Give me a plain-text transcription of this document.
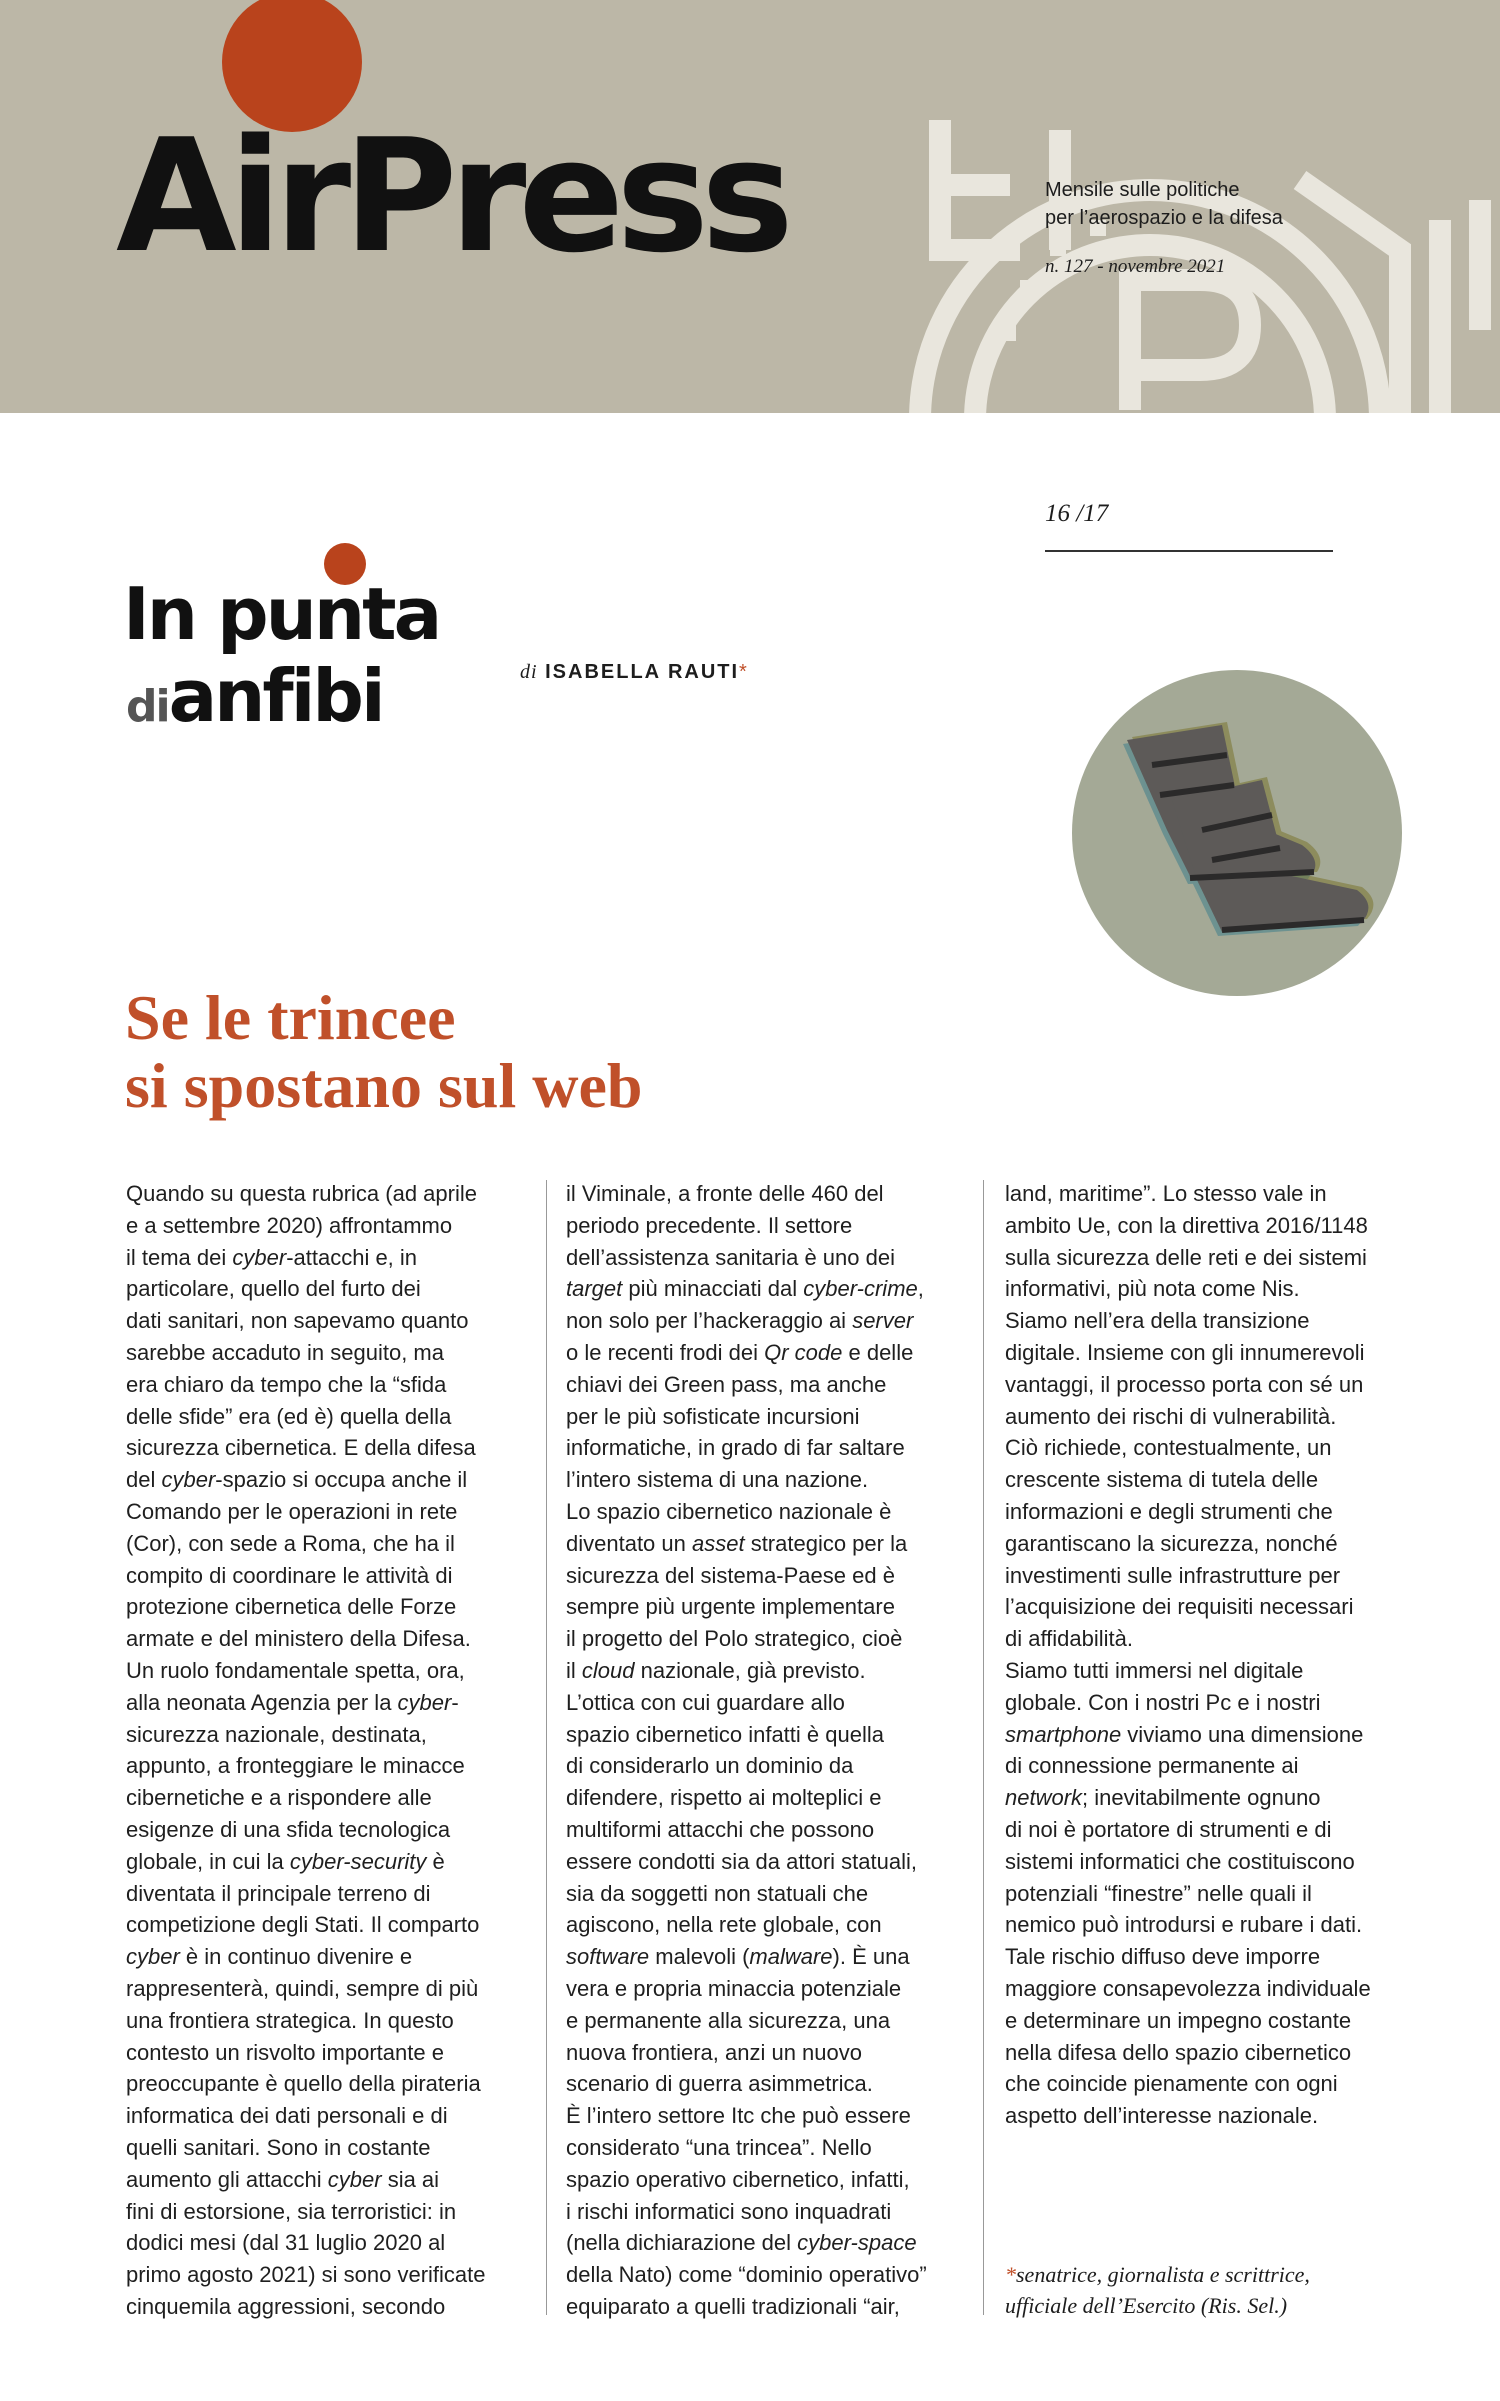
AirPress	Mensile sulle politiche
per l’aerospazio e la difesa
n. 127 - novembre 2021
16 /17
In punta
dianfibi	di ISABELLA RAUTI*
Se le trincee
si spostano sul web

Quando su questa rubrica (ad aprile

e a settembre 2020) affrontammo

il tema dei cyber-attacchi e, in

particolare, quello del furto dei

dati sanitari, non sapevamo quanto

sarebbe accaduto in seguito, ma

era chiaro da tempo che la “sfida

delle sfide” era (ed è) quella della

sicurezza cibernetica. E della difesa

del cyber-spazio si occupa anche il

Comando per le operazioni in rete

(Cor), con sede a Roma, che ha il

compito di coordinare le attività di

protezione cibernetica delle Forze

armate e del ministero della Difesa.

Un ruolo fondamentale spetta, ora,

alla neonata Agenzia per la cyber-

sicurezza nazionale, destinata,

appunto, a fronteggiare le minacce

cibernetiche e a rispondere alle

esigenze di una sfida tecnologica

globale, in cui la cyber-security è

diventata il principale terreno di

competizione degli Stati. Il comparto

cyber è in continuo divenire e

rappresenterà, quindi, sempre di più

una frontiera strategica. In questo

contesto un risvolto importante e

preoccupante è quello della pirateria

informatica dei dati personali e di

quelli sanitari. Sono in costante

aumento gli attacchi cyber sia ai

fini di estorsione, sia terroristici: in

dodici mesi (dal 31 luglio 2020 al

primo agosto 2021) si sono verificate

cinquemila aggressioni, secondo

il Viminale, a fronte delle 460 del

periodo precedente. Il settore

dell’assistenza sanitaria è uno dei

target più minacciati dal cyber-crime,

non solo per l’hackeraggio ai server

o le recenti frodi dei Qr code e delle

chiavi dei Green pass, ma anche

per le più sofisticate incursioni

informatiche, in grado di far saltare

l’intero sistema di una nazione.

Lo spazio cibernetico nazionale è

diventato un asset strategico per la

sicurezza del sistema-Paese ed è

sempre più urgente implementare

il progetto del Polo strategico, cioè

il cloud nazionale, già previsto.

L’ottica con cui guardare allo

spazio cibernetico infatti è quella

di considerarlo un dominio da

difendere, rispetto ai molteplici e

multiformi attacchi che possono

essere condotti sia da attori statuali,

sia da soggetti non statuali che

agiscono, nella rete globale, con

software malevoli (malware). È una

vera e propria minaccia potenziale

e permanente alla sicurezza, una

nuova frontiera, anzi un nuovo

scenario di guerra asimmetrica.

È l’intero settore Itc che può essere

considerato “una trincea”. Nello

spazio operativo cibernetico, infatti,

i rischi informatici sono inquadrati

(nella dichiarazione del cyber-space

della Nato) come “dominio operativo”

equiparato a quelli tradizionali “air,

land, maritime”. Lo stesso vale in

ambito Ue, con la direttiva 2016/1148

sulla sicurezza delle reti e dei sistemi

informativi, più nota come Nis.

Siamo nell’era della transizione

digitale. Insieme con gli innumerevoli

vantaggi, il processo porta con sé un

aumento dei rischi di vulnerabilità.

Ciò richiede, contestualmente, un

crescente sistema di tutela delle

informazioni e degli strumenti che

garantiscano la sicurezza, nonché

investimenti sulle infrastrutture per

l’acquisizione dei requisiti necessari

di affidabilità.

Siamo tutti immersi nel digitale

globale. Con i nostri Pc e i nostri

smartphone viviamo una dimensione

di connessione permanente ai

network; inevitabilmente ognuno

di noi è portatore di strumenti e di

sistemi informatici che costituiscono

potenziali “finestre” nelle quali il

nemico può introdursi e rubare i dati.

Tale rischio diffuso deve imporre

maggiore consapevolezza individuale

e determinare un impegno costante

nella difesa dello spazio cibernetico

che coincide pienamente con ogni

aspetto dell’interesse nazionale.

*senatrice, giornalista e scrittrice,
ufficiale dell’Esercito (Ris. Sel.)
